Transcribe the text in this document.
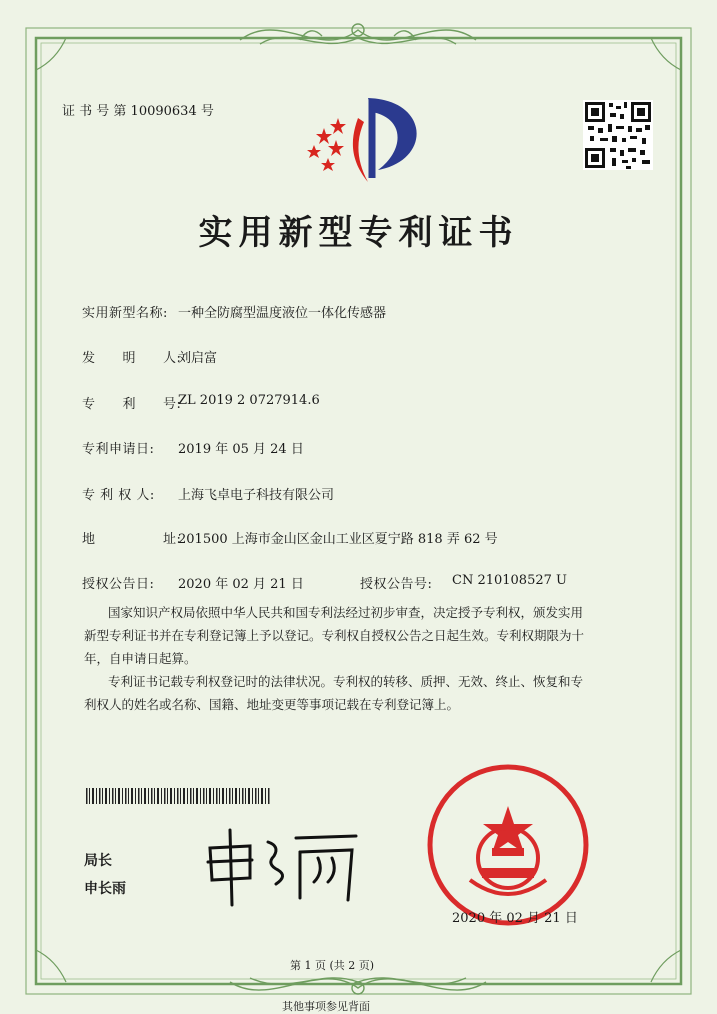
证 书 号 第 10090634 号
实用新型专利证书
实用新型名称: 一种全防腐型温度液位一体化传感器
发　　明　　人:
刘启富
专　　利　　号:
ZL 2019 2 0727914.6
专利申请日: 2019 年 05 月 24 日
专 利 权 人: 上海飞卓电子科技有限公司
地　　　　　址:
201500 上海市金山区金山工业区夏宁路 818 弄 62 号
授权公告日: 2020 年 02 月 21 日	授权公告号: CN 210108527 U
国家知识产权局依照中华人民共和国专利法经过初步审查，决定授予专利权，颁发实用
新型专利证书并在专利登记簿上予以登记。专利权自授权公告之日起生效。专利权期限为十
年，自申请日起算。
专利证书记载专利权登记时的法律状况。专利权的转移、质押、无效、终止、恢复和专
利权人的姓名或名称、国籍、地址变更等事项记载在专利登记簿上。
局长
申长雨
2020 年 02 月 21 日
第 1 页 (共 2 页)
其他事项参见背面
